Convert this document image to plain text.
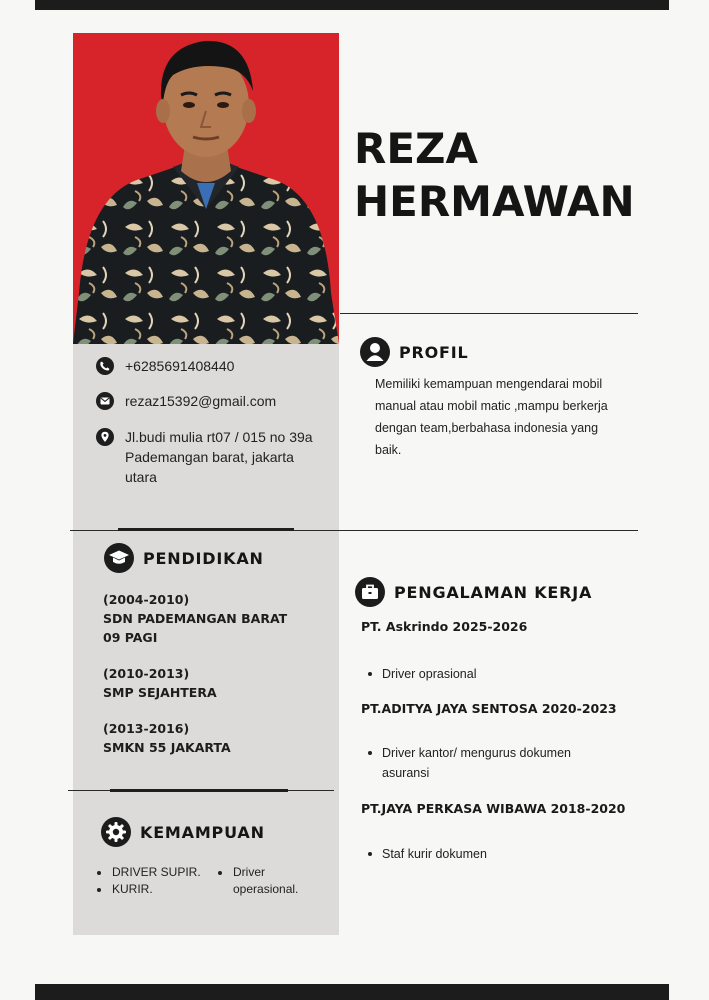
REZA
HERMAWAN
+6285691408440
rezaz15392@gmail.com
Jl.budi mulia rt07 / 015 no 39a
Pademangan barat, jakarta
utara
PROFIL
Memiliki kemampuan mengendarai mobil
manual atau mobil matic ,mampu berkerja
dengan team,berbahasa indonesia yang
baik.
PENDIDIKAN
(2004-2010)
SDN PADEMANGAN BARAT
09 PAGI
(2010-2013)
SMP SEJAHTERA
(2013-2016)
SMKN 55 JAKARTA
PENGALAMAN KERJA
PT. Askrindo 2025-2026
Driver oprasional
PT.ADITYA JAYA SENTOSA 2020-2023
Driver kantor/ mengurus dokumen
asuransi
PT.JAYA PERKASA WIBAWA 2018-2020
Staf kurir dokumen
KEMAMPUAN
DRIVER SUPIR.
KURIR.
Driver
operasional.
